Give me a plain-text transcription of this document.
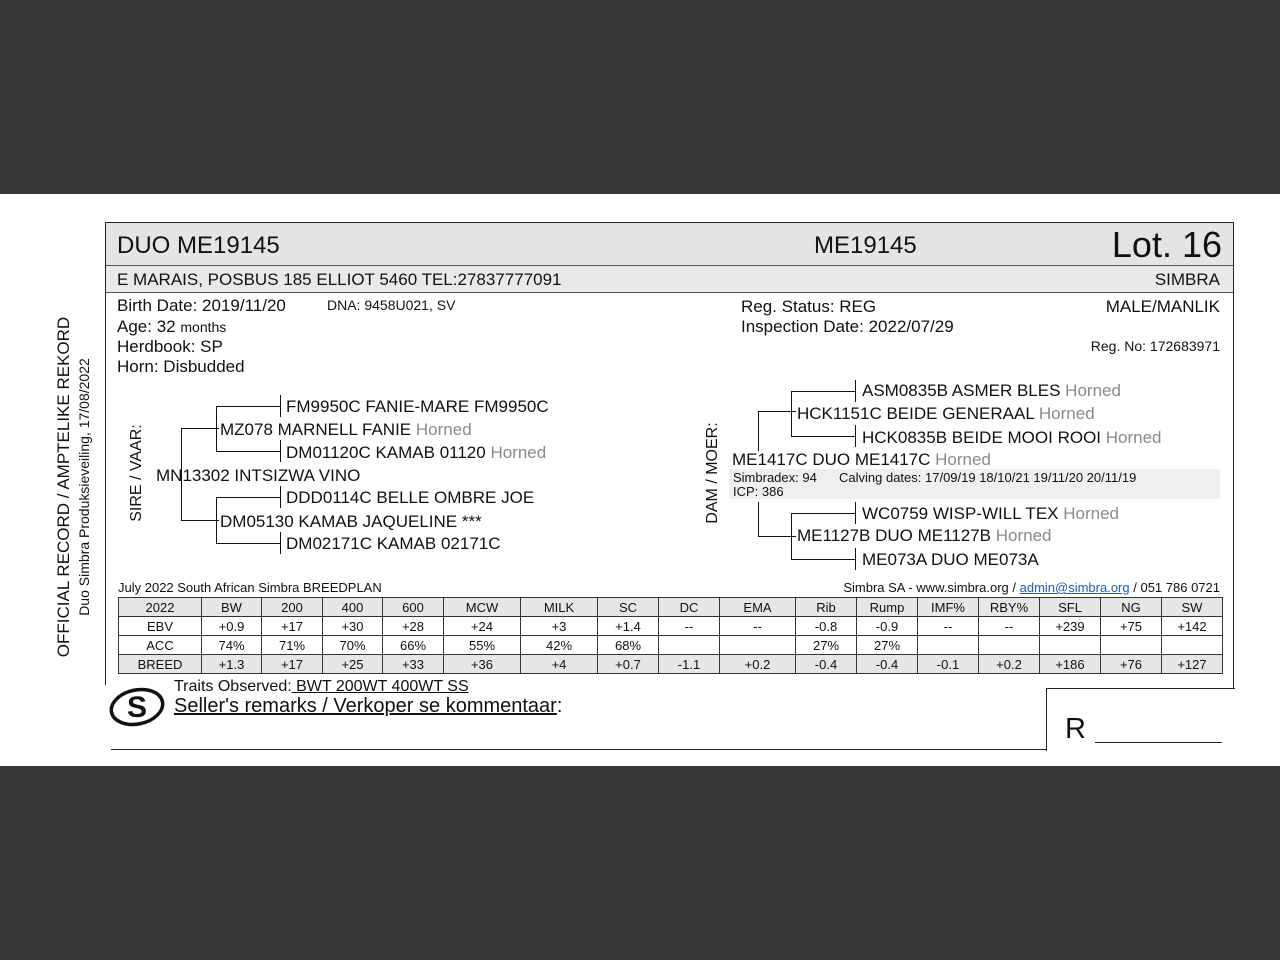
OFFICIAL RECORD / AMPTELIKE REKORD Duo Simbra Produksieveiling, 17/08/2022
DUO ME19145	ME19145	Lot. 16
E MARAIS, POSBUS 185 ELLIOT 5460 TEL:27837777091	SIMBRA
Birth Date: 2019/11/20	DNA: 9458U021, SV
Age: 32 months
Herdbook: SP
Horn: Disbudded
Reg. Status: REG
Inspection Date: 2022/07/29
MALE/MANLIK
Reg. No: 172683971
SIRE / VAAR:
FM9950C FANIE-MARE FM9950C
MZ078 MARNELL FANIE Horned
DM01120C KAMAB 01120 Horned
MN13302 INTSIZWA VINO
DDD0114C BELLE OMBRE JOE
DM05130 KAMAB JAQUELINE ***
DM02171C KAMAB 02171C
DAM / MOER:
ASM0835B ASMER BLES Horned
HCK1151C BEIDE GENERAAL Horned
HCK0835B BEIDE MOOI ROOI Horned
ME1417C DUO ME1417C Horned
Simbradex: 94 Calving dates: 17/09/19 18/10/21 19/11/20 20/11/19
ICP: 386
WC0759 WISP-WILL TEX Horned
ME1127B DUO ME1127B Horned
ME073A DUO ME073A
July 2022 South African Simbra BREEDPLAN	Simbra SA - www.simbra.org / admin@simbra.org / 051 786 0721
2022	BW	200	400	600	MCW	MILK	SC	DC	EMA	Rib	Rump	IMF%	RBY%	SFL	NG	SW
EBV	+0.9	+17	+30	+28	+24	+3	+1.4	--	--	-0.8	-0.9	--	--	+239	+75	+142
ACC	74%	71%	70%	66%	55%	42%	68%			27%	27%					
BREED	+1.3	+17	+25	+33	+36	+4	+0.7	-1.1	+0.2	-0.4	-0.4	-0.1	+0.2	+186	+76	+127
S
Traits Observed: BWT 200WT 400WT SS
Seller's remarks / Verkoper se kommentaar:
R
